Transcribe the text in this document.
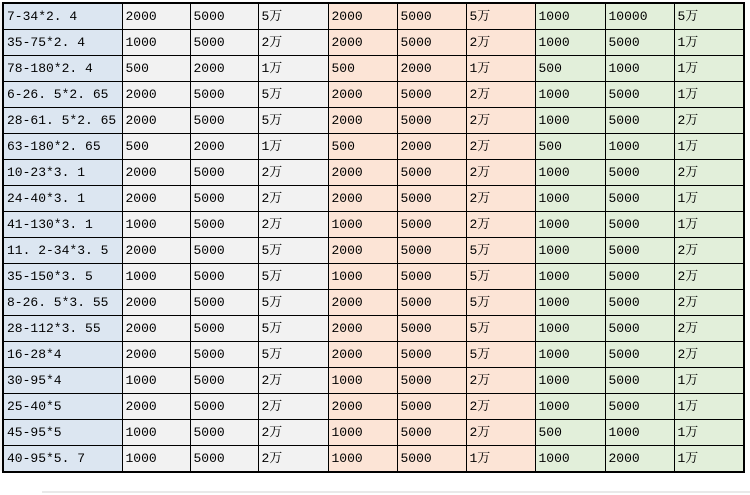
7-34*2. 4	2000	5000	5万	2000	5000	5万	1000	10000	5万
35-75*2. 4	1000	5000	2万	2000	5000	2万	1000	5000	1万
78-180*2. 4	500	2000	1万	500	2000	1万	500	1000	1万
6-26. 5*2. 65	2000	5000	5万	2000	5000	2万	1000	5000	1万
28-61. 5*2. 65	2000	5000	5万	2000	5000	2万	1000	5000	2万
63-180*2. 65	500	2000	1万	500	2000	2万	500	1000	1万
10-23*3. 1	2000	5000	2万	2000	5000	2万	1000	5000	2万
24-40*3. 1	2000	5000	2万	2000	5000	2万	1000	5000	1万
41-130*3. 1	1000	5000	2万	1000	5000	2万	1000	5000	1万
11. 2-34*3. 5	2000	5000	5万	2000	5000	5万	1000	5000	2万
35-150*3. 5	1000	5000	5万	1000	5000	5万	1000	5000	2万
8-26. 5*3. 55	2000	5000	5万	2000	5000	5万	1000	5000	2万
28-112*3. 55	2000	5000	5万	2000	5000	5万	1000	5000	2万
16-28*4	2000	5000	5万	2000	5000	5万	1000	5000	2万
30-95*4	1000	5000	2万	1000	5000	2万	1000	5000	1万
25-40*5	2000	5000	2万	2000	5000	2万	1000	5000	1万
45-95*5	1000	5000	2万	1000	5000	2万	500	1000	1万
40-95*5. 7	1000	5000	2万	1000	5000	1万	1000	2000	1万
